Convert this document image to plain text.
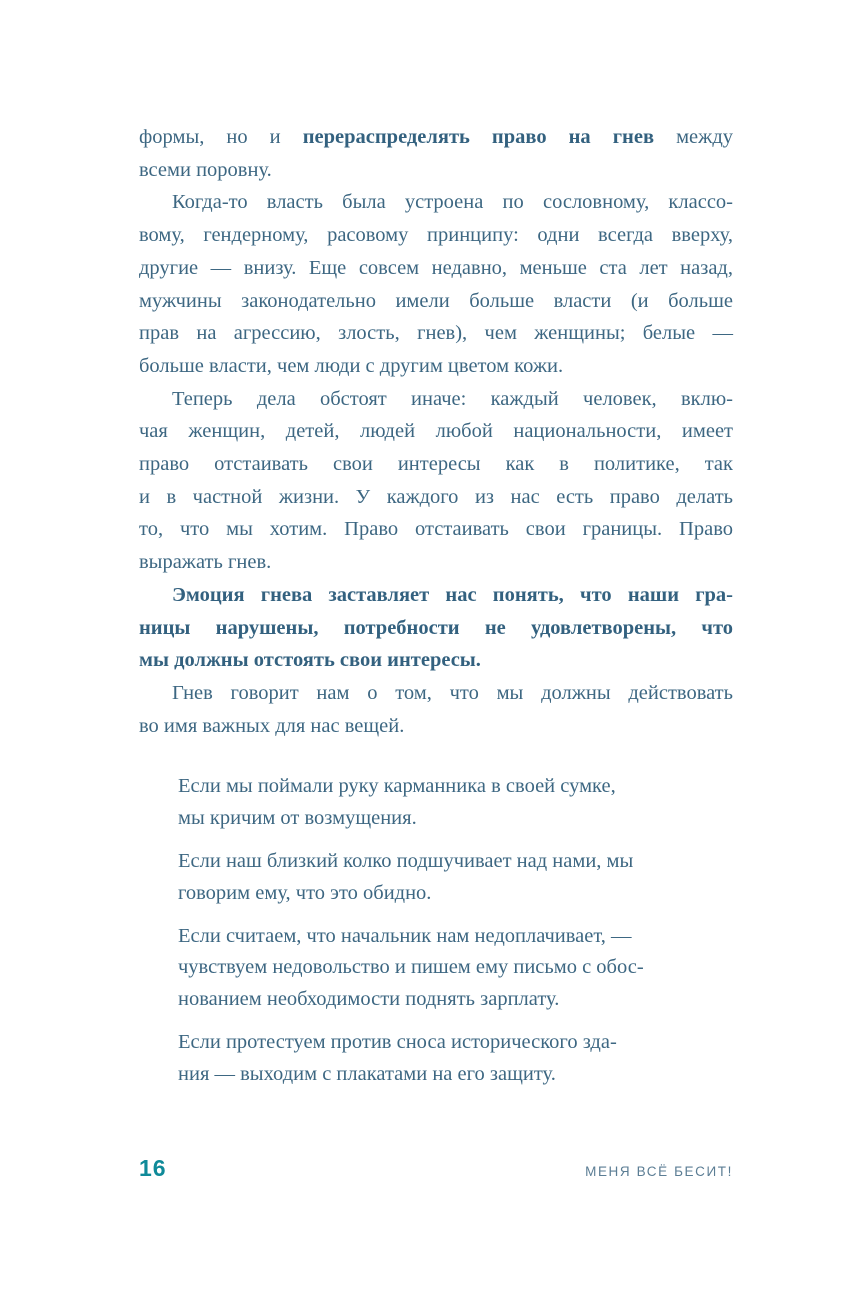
формы, но и перераспределять право на гнев между
всеми поровну.
Когда-то власть была устроена по сословному, классо-
вому, гендерному, расовому принципу: одни всегда вверху,
другие — внизу. Еще совсем недавно, меньше ста лет назад,
мужчины законодательно имели больше власти (и больше
прав на агрессию, злость, гнев), чем женщины; белые —
больше власти, чем люди с другим цветом кожи.
Теперь дела обстоят иначе: каждый человек, вклю-
чая женщин, детей, людей любой национальности, имеет
право отстаивать свои интересы как в политике, так
и в частной жизни. У каждого из нас есть право делать
то, что мы хотим. Право отстаивать свои границы. Право
выражать гнев.
Эмоция гнева заставляет нас понять, что наши гра-
ницы нарушены, потребности не удовлетворены, что
мы должны отстоять свои интересы.
Гнев говорит нам о том, что мы должны действовать
во имя важных для нас вещей.
Если мы поймали руку карманника в своей сумке,
мы кричим от возмущения.
Если наш близкий колко подшучивает над нами, мы
говорим ему, что это обидно.
Если считаем, что начальник нам недоплачивает, —
чувствуем недовольство и пишем ему письмо с обос-
нованием необходимости поднять зарплату.
Если протестуем против сноса исторического зда-
ния — выходим с плакатами на его защиту.
16	МЕНЯ ВСЁ БЕСИТ!
